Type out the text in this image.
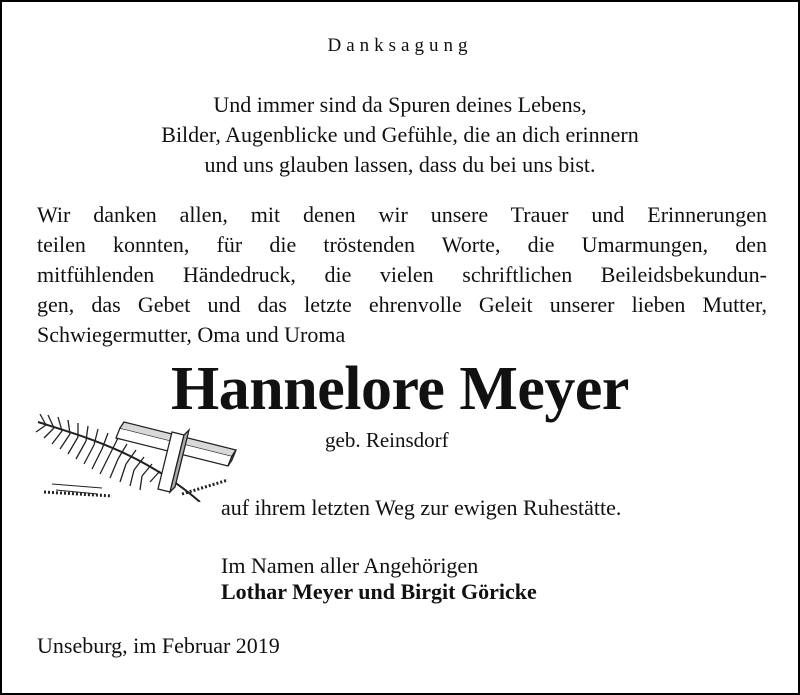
Danksagung
Und immer sind da Spuren deines Lebens,
Bilder, Augenblicke und Gefühle, die an dich erinnern
und uns glauben lassen, dass du bei uns bist.
Wir danken allen, mit denen wir unsere Trauer und Erinnerungen
teilen konnten, für die tröstenden Worte, die Umarmungen, den
mitfühlenden Händedruck, die vielen schriftlichen Beileidsbekundun-
gen, das Gebet und das letzte ehrenvolle Geleit unserer lieben Mutter,
Schwiegermutter, Oma und Uroma
Hannelore Meyer
geb. Reinsdorf
auf ihrem letzten Weg zur ewigen Ruhestätte.
Im Namen aller Angehörigen
Lothar Meyer und Birgit Göricke
Unseburg, im Februar 2019
